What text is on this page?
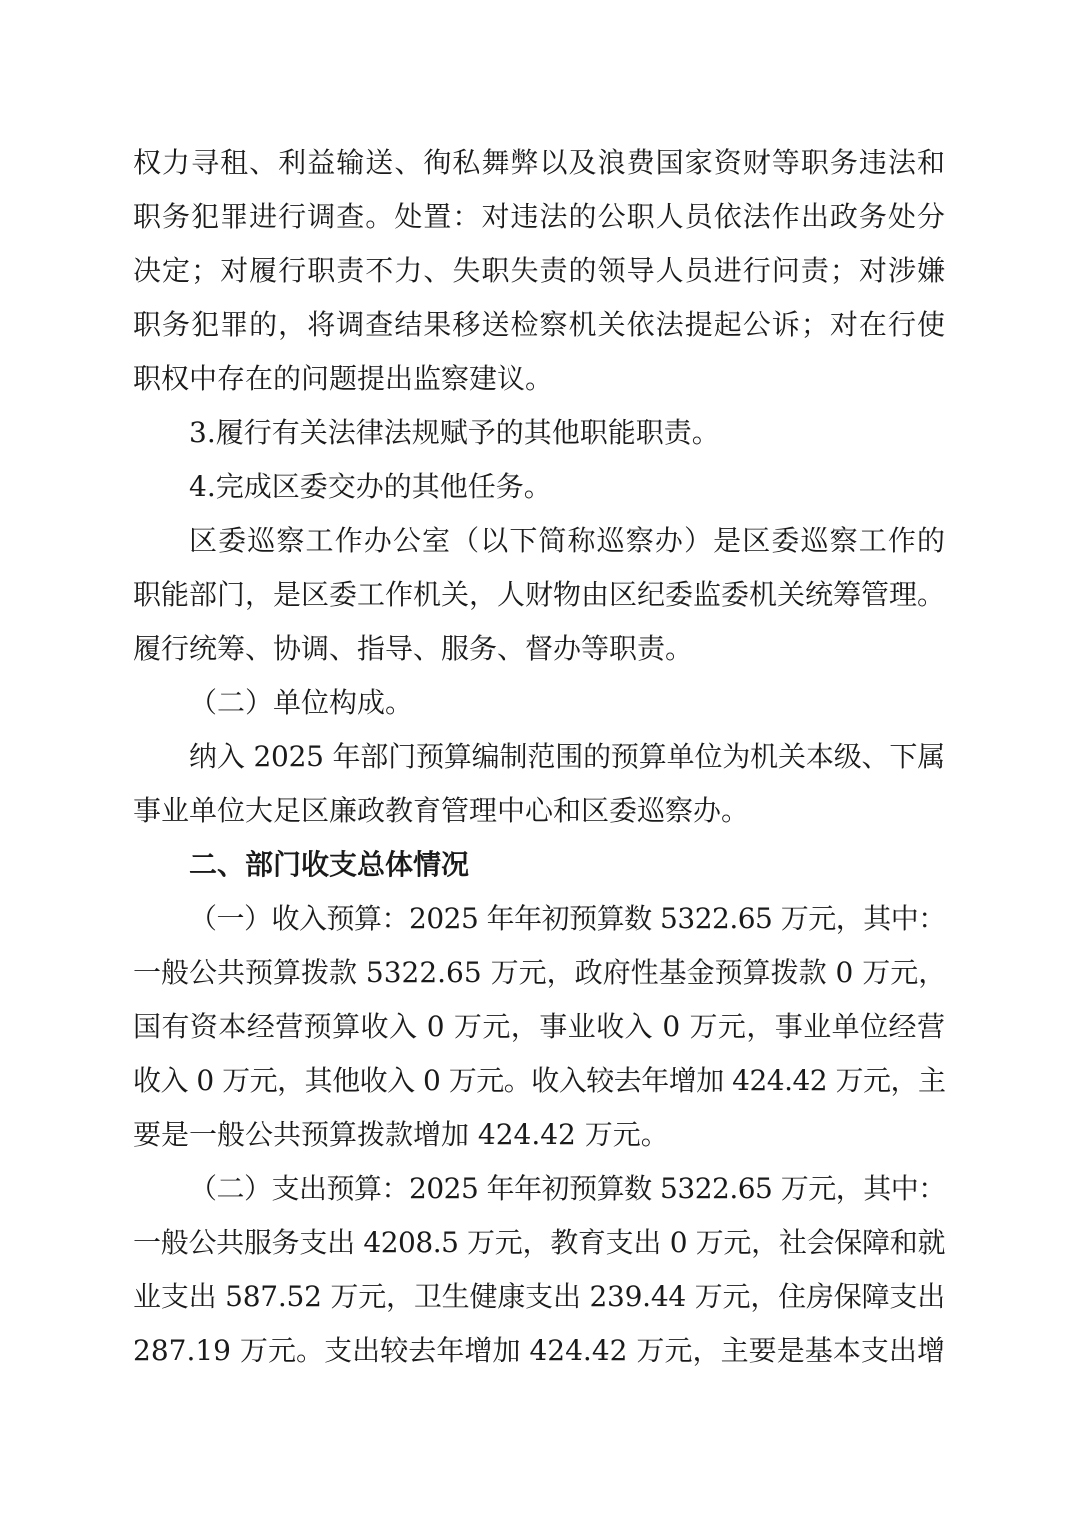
权力寻租、利益输送、徇私舞弊以及浪费国家资财等职务违法和
职务犯罪进行调查。处置：对违法的公职人员依法作出政务处分
决定；对履行职责不力、失职失责的领导人员进行问责；对涉嫌
职务犯罪的，将调查结果移送检察机关依法提起公诉；对在行使
职权中存在的问题提出监察建议。
3.履行有关法律法规赋予的其他职能职责。
4.完成区委交办的其他任务。
区委巡察工作办公室（以下简称巡察办）是区委巡察工作的
职能部门，是区委工作机关，人财物由区纪委监委机关统筹管理。
履行统筹、协调、指导、服务、督办等职责。
（二）单位构成。
纳入 2025 年部门预算编制范围的预算单位为机关本级、下属
事业单位大足区廉政教育管理中心和区委巡察办。
二、部门收支总体情况
（一）收入预算：2025 年年初预算数 5322.65 万元，其中：
一般公共预算拨款 5322.65 万元，政府性基金预算拨款 0 万元，
国有资本经营预算收入 0 万元，事业收入 0 万元，事业单位经营
收入 0 万元，其他收入 0 万元。收入较去年增加 424.42 万元，主
要是一般公共预算拨款增加 424.42 万元。
（二）支出预算：2025 年年初预算数 5322.65 万元，其中：
一般公共服务支出 4208.5 万元，教育支出 0 万元，社会保障和就
业支出 587.52 万元，卫生健康支出 239.44 万元，住房保障支出
287.19 万元。支出较去年增加 424.42 万元，主要是基本支出增
